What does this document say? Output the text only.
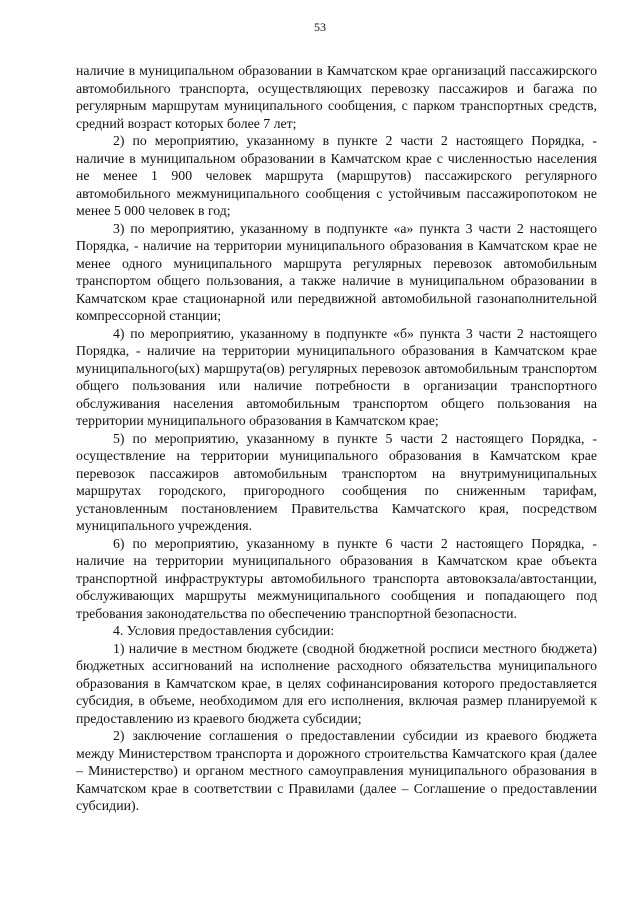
53

наличие в муниципальном образовании в Камчатском крае организаций пассажирского автомобильного транспорта, осуществляющих перевозку пассажиров и багажа по регулярным маршрутам муниципального сообщения, с парком транспортных средств, средний возраст которых более 7 лет;

2) по мероприятию, указанному в пункте 2 части 2 настоящего Порядка, - наличие в муниципальном образовании в Камчатском крае с численностью населения не менее 1 900 человек маршрута (маршрутов) пассажирского регулярного автомобильного межмуниципального сообщения с устойчивым пассажиропотоком не менее 5 000 человек в год;

3) по мероприятию, указанному в подпункте «а» пункта 3 части 2 настоящего Порядка, - наличие на территории муниципального образования в Камчатском крае не менее одного муниципального маршрута регулярных перевозок автомобильным транспортом общего пользования, а также наличие в муниципальном образовании в Камчатском крае стационарной или передвижной автомобильной газонаполнительной компрессорной станции;

4) по мероприятию, указанному в подпункте «б» пункта 3 части 2 настоящего Порядка, - наличие на территории муниципального образования в Камчатском крае муниципального(ых) маршрута(ов) регулярных перевозок автомобильным транспортом общего пользования или наличие потребности в организации транспортного обслуживания населения автомобильным транспортом общего пользования на территории муниципального образования в Камчатском крае;

5) по мероприятию, указанному в пункте 5 части 2 настоящего Порядка, - осуществление на территории муниципального образования в Камчатском крае перевозок пассажиров автомобильным транспортом на внутримуниципальных маршрутах городского, пригородного сообщения по сниженным тарифам, установленным постановлением Правительства Камчатского края, посредством муниципального учреждения.

6) по мероприятию, указанному в пункте 6 части 2 настоящего Порядка, - наличие на территории муниципального образования в Камчатском крае объекта транспортной инфраструктуры автомобильного транспорта автовокзала/автостанции, обслуживающих маршруты межмуниципального сообщения и попадающего под требования законодательства по обеспечению транспортной безопасности.

4. Условия предоставления субсидии:

1) наличие в местном бюджете (сводной бюджетной росписи местного бюджета) бюджетных ассигнований на исполнение расходного обязательства муниципального образования в Камчатском крае, в целях софинансирования которого предоставляется субсидия, в объеме, необходимом для его исполнения, включая размер планируемой к предоставлению из краевого бюджета субсидии;

2) заключение соглашения о предоставлении субсидии из краевого бюджета между Министерством транспорта и дорожного строительства Камчатского края (далее – Министерство) и органом местного самоуправления муниципального образования в Камчатском крае в соответствии с Правилами (далее – Соглашение о предоставлении субсидии).
